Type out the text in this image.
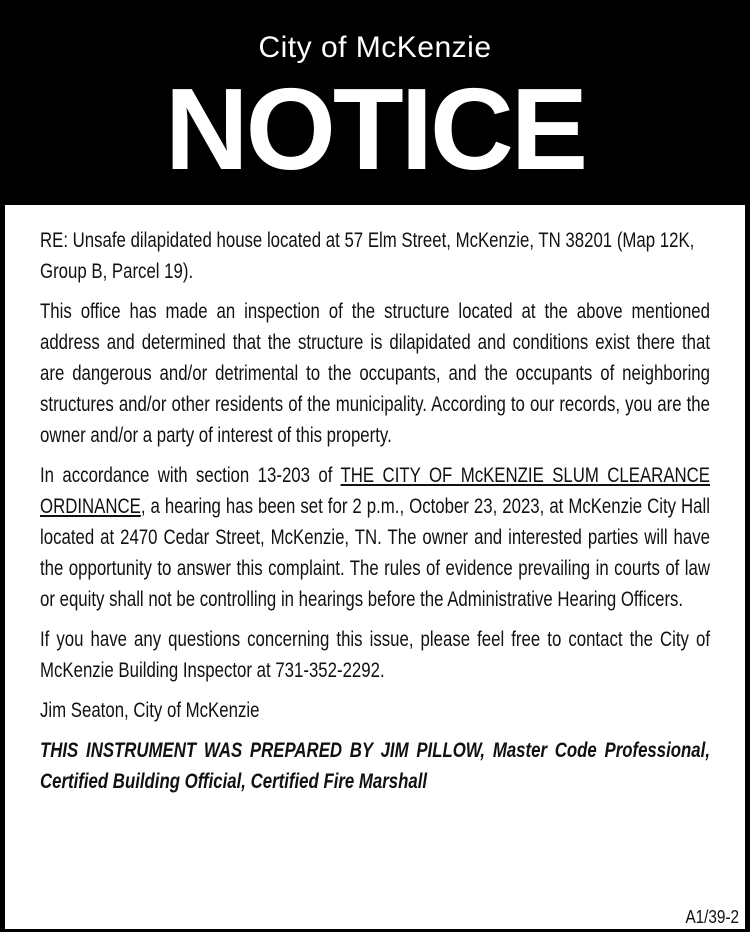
City of McKenzie
NOTICE

RE: Unsafe dilapidated house located at 57 Elm Street, McKenzie, TN 38201 (Map 12K, Group B, Parcel 19).

This office has made an inspection of the structure located at the above mentioned address and determined that the structure is dilapidated and conditions exist there that are dangerous and/or detrimental to the occupants, and the occupants of neighboring structures and/or other residents of the municipality. According to our records, you are the owner and/or a party of interest of this property.

In accordance with section 13-203 of THE CITY OF McKENZIE SLUM CLEARANCE ORDINANCE, a hearing has been set for 2 p.m., October 23, 2023, at McKenzie City Hall located at 2470 Cedar Street, McKenzie, TN. The owner and interested parties will have the opportunity to answer this complaint. The rules of evidence prevailing in courts of law or equity shall not be controlling in hearings before the Administrative Hearing Officers.

If you have any questions concerning this issue, please feel free to contact the City of McKenzie Building Inspector at 731-352-2292.

Jim Seaton, City of McKenzie

THIS INSTRUMENT WAS PREPARED BY JIM PILLOW, Master Code Professional, Certified Building Official, Certified Fire Marshall

A1/39-2
